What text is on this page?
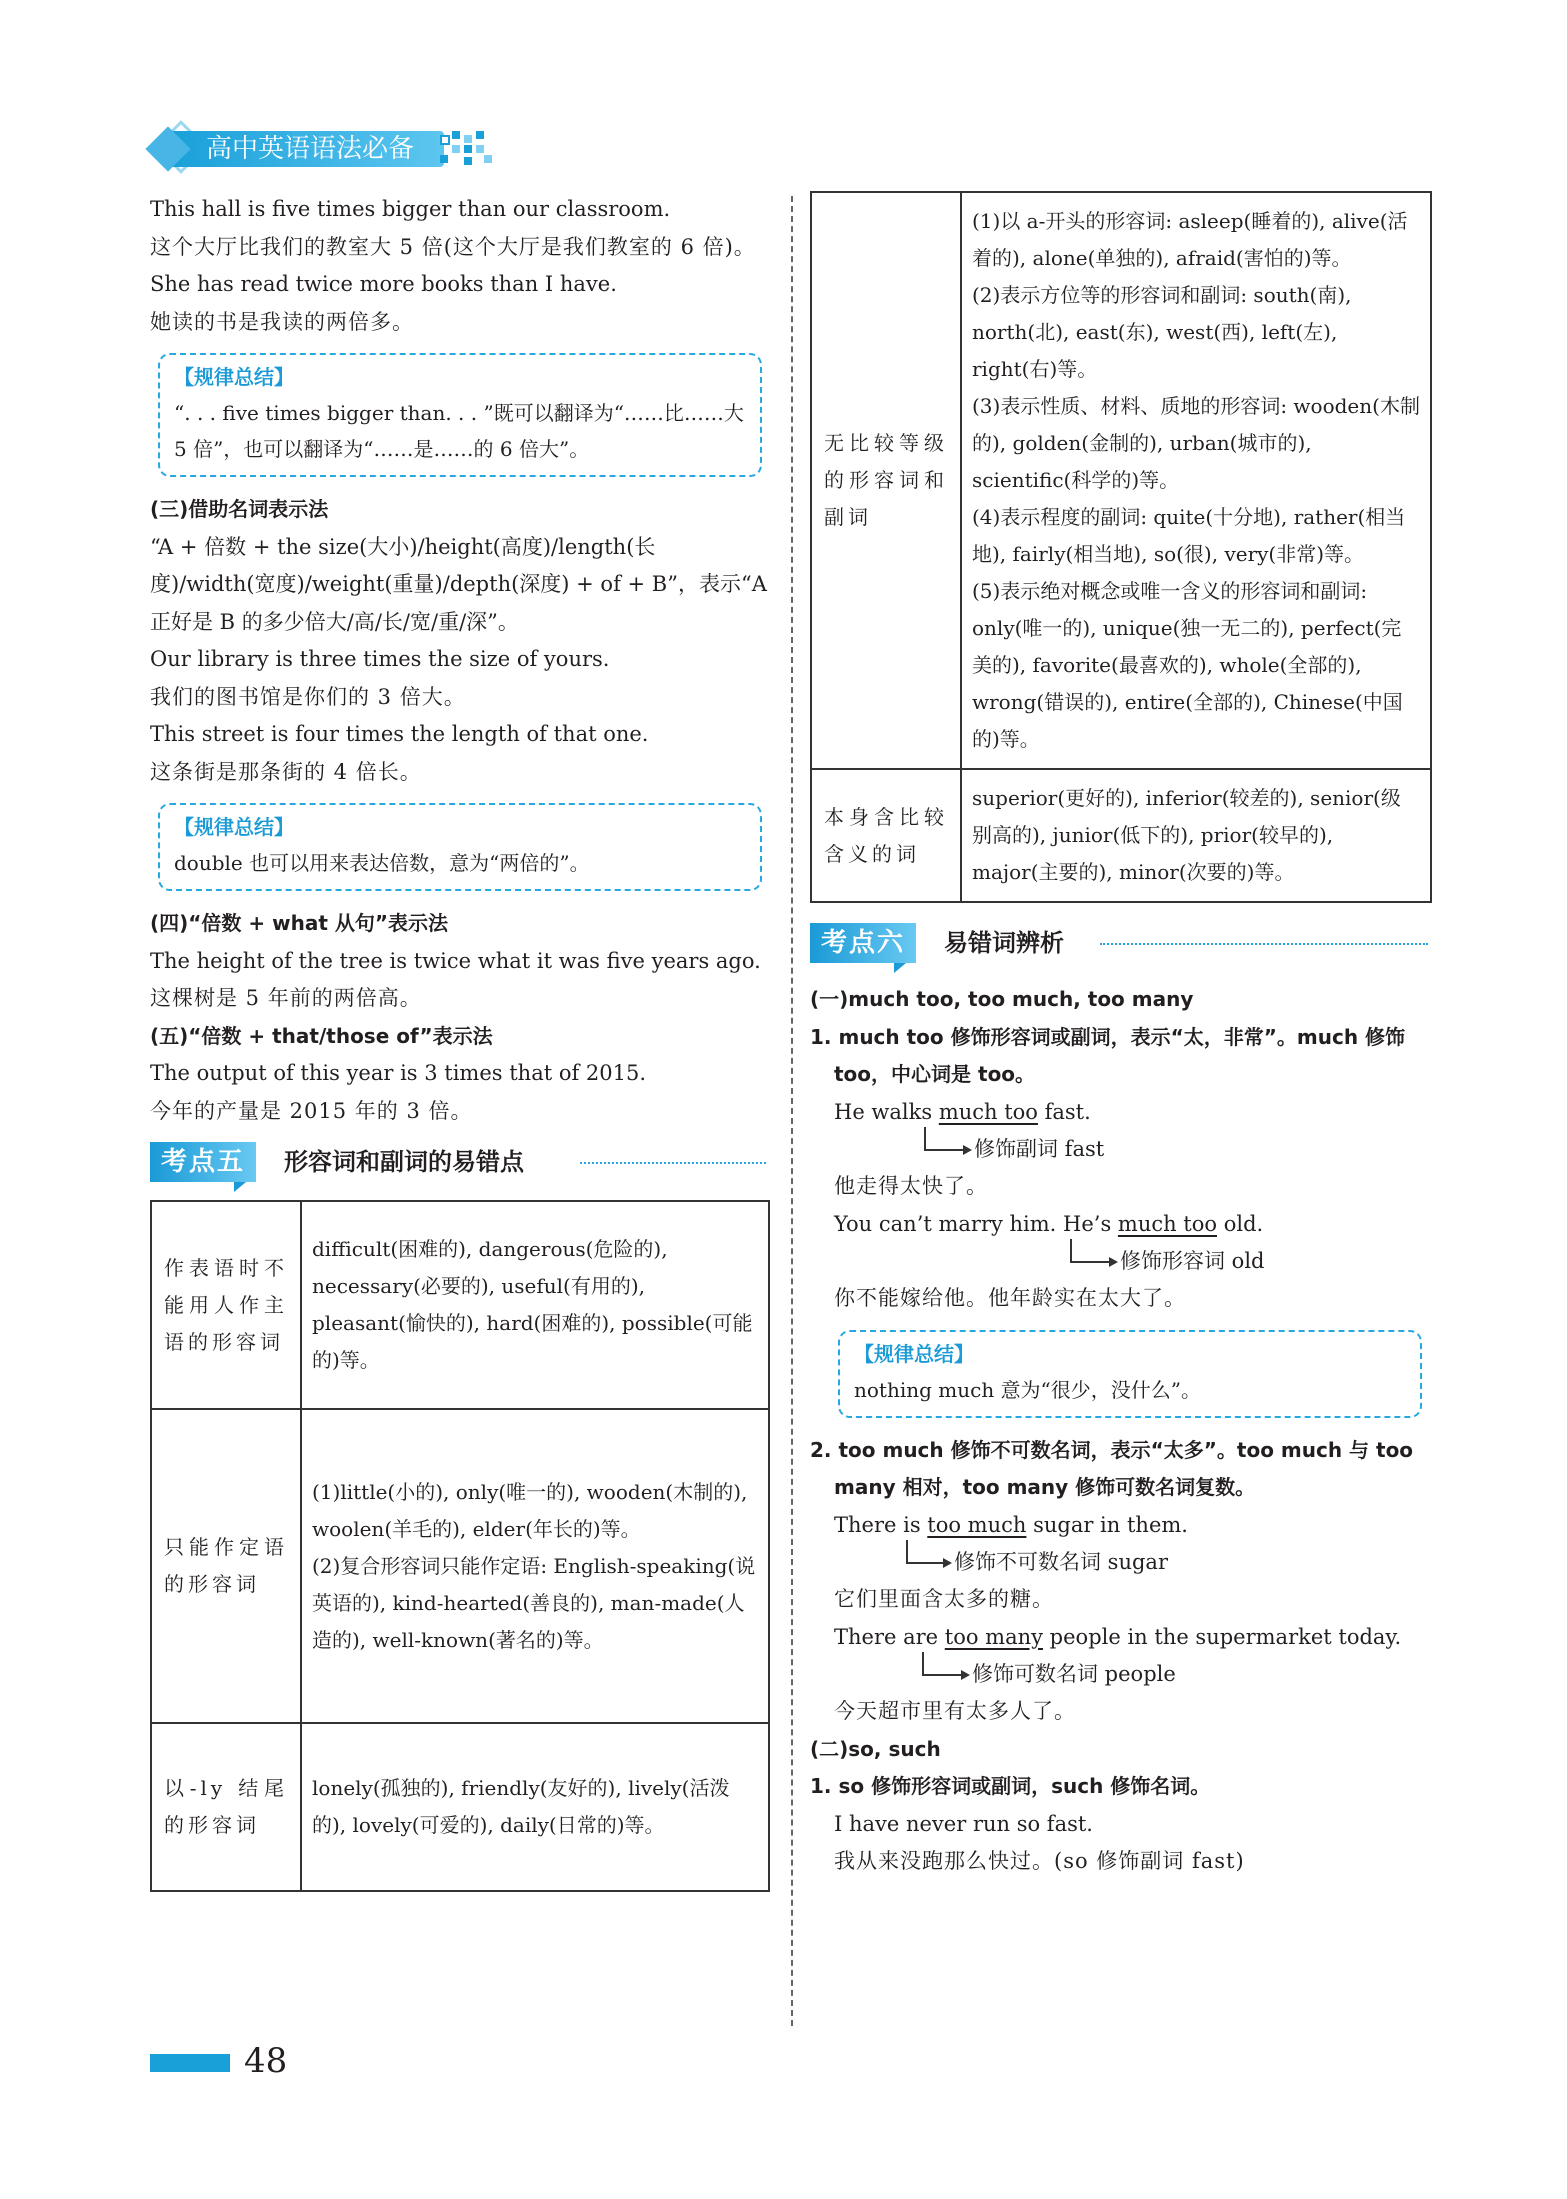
高中英语语法必备

This hall is five times bigger than our classroom.

这个大厅比我们的教室大 5 倍(这个大厅是我们教室的 6 倍)。

She has read twice more books than I have.

她读的书是我读的两倍多。

【规律总结】
“. . . five times bigger than. . . ”既可以翻译为“……比……大 5 倍”，也可以翻译为“……是……的 6 倍大”。

(三)借助名词表示法

“A + 倍数 + the size(大小)/height(高度)/length(长度)/width(宽度)/weight(重量)/depth(深度) + of + B”，表示“A 正好是 B 的多少倍大/高/长/宽/重/深”。

Our library is three times the size of yours.

我们的图书馆是你们的 3 倍大。

This street is four times the length of that one.

这条街是那条街的 4 倍长。

【规律总结】
double 也可以用来表达倍数，意为“两倍的”。

(四)“倍数 + what 从句”表示法

The height of the tree is twice what it was five years ago.

这棵树是 5 年前的两倍高。

(五)“倍数 + that/those of”表示法

The output of this year is 3 times that of 2015.

今年的产量是 2015 年的 3 倍。

考点五	形容词和副词的易错点
作表语时不能用人作主语的形容词	difficult(困难的), dangerous(危险的), necessary(必要的), useful(有用的), pleasant(愉快的), hard(困难的), possible(可能的)等。
只能作定语的形容词	(1)little(小的), only(唯一的), wooden(木制的), woolen(羊毛的), elder(年长的)等。
(2)复合形容词只能作定语: English-speaking(说英语的), kind-hearted(善良的), man-made(人造的), well-known(著名的)等。

以-ly 结尾的形容词	lonely(孤独的), friendly(友好的), lively(活泼的), lovely(可爱的), daily(日常的)等。
无比较等级的形容词和副词	(1)以 a-开头的形容词: asleep(睡着的), alive(活着的), alone(单独的), afraid(害怕的)等。
(2)表示方位等的形容词和副词: south(南), north(北), east(东), west(西), left(左), right(右)等。
(3)表示性质、材料、质地的形容词: wooden(木制的), golden(金制的), urban(城市的), scientific(科学的)等。
(4)表示程度的副词: quite(十分地), rather(相当地), fairly(相当地), so(很), very(非常)等。
(5)表示绝对概念或唯一含义的形容词和副词: only(唯一的), unique(独一无二的), perfect(完美的), favorite(最喜欢的), whole(全部的), wrong(错误的), entire(全部的), Chinese(中国的)等。

本身含比较含义的词	superior(更好的), inferior(较差的), senior(级别高的), junior(低下的), prior(较早的), major(主要的), minor(次要的)等。
考点六	易错词辨析

(一)much too, too much, too many

1. much too 修饰形容词或副词，表示“太，非常”。much 修饰 too，中心词是 too。

He walks much too fast.

修饰副词 fast

他走得太快了。

You can’t marry him. He’s much too old.

修饰形容词 old

你不能嫁给他。他年龄实在太大了。

【规律总结】
nothing much 意为“很少，没什么”。

2. too much 修饰不可数名词，表示“太多”。too much 与 too many 相对，too many 修饰可数名词复数。

There is too much sugar in them.

修饰不可数名词 sugar

它们里面含太多的糖。

There are too many people in the supermarket today.

修饰可数名词 people

今天超市里有太多人了。

(二)so, such

1. so 修饰形容词或副词，such 修饰名词。

I have never run so fast.

我从来没跑那么快过。(so 修饰副词 fast)

48
